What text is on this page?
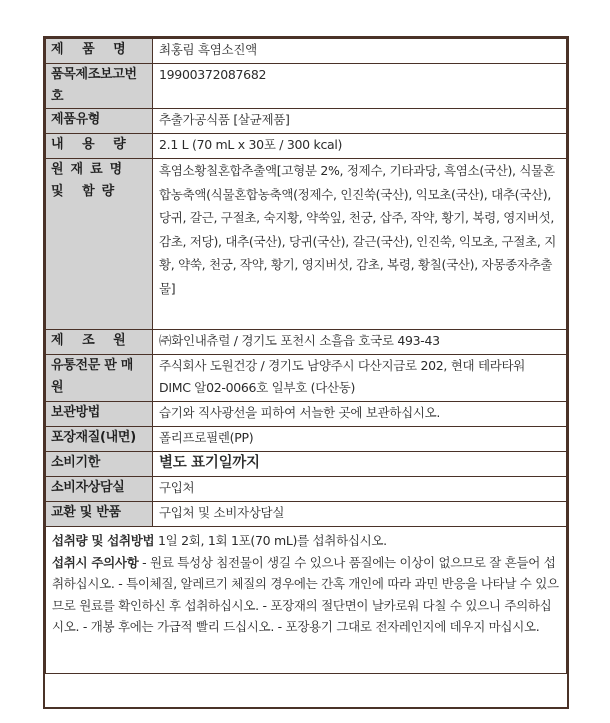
제 품 명	최홍림 흑염소진액
품목제조보고번호	19900372087682
제품유형	추출가공식품 [살균제품]
내 용 량	2.1 L (70 mL x 30포 / 300 kcal)
원재료명 및 함량	흑염소황칠혼합추출액[고형분 2%, 정제수, 기타과당, 흑염소(국산), 식물혼합농축액(식물혼합농축액(정제수, 인진쑥(국산), 익모초(국산), 대추(국산), 당귀, 갈근, 구절초, 숙지황, 약쑥잎, 천궁, 삽주, 작약, 황기, 복령, 영지버섯, 감초, 저당), 대추(국산), 당귀(국산), 갈근(국산), 인진쑥, 익모초, 구절초, 지황, 약쑥, 천궁, 작약, 황기, 영지버섯, 감초, 복령, 황칠(국산), 자몽종자추출물]
제 조 원	㈜화인내츄럴 / 경기도 포천시 소흘읍 호국로 493-43
유통전문 판 매 원	주식회사 도원건강 / 경기도 남양주시 다산지금로 202, 현대 테라타워 DIMC 알02-0066호 일부호 (다산동)
보관방법	습기와 직사광선을 피하여 서늘한 곳에 보관하십시오.
포장재질(내면)	폴리프로필렌(PP)
소비기한	별도 표기일까지
소비자상담실	구입처
교환 및 반품	구입처 및 소비자상담실

섭취량 및 섭취방법 1일 2회, 1회 1포(70 mL)를 섭취하십시오.
섭취시 주의사항 - 원료 특성상 침전물이 생길 수 있으나 품질에는 이상이 없으므로 잘 흔들어 섭취하십시오. - 특이체질, 알레르기 체질의 경우에는 간혹 개인에 따라 과민 반응을 나타날 수 있으므로 원료를 확인하신 후 섭취하십시오. - 포장재의 절단면이 날카로워 다칠 수 있으니 주의하십시오. - 개봉 후에는 가급적 빨리 드십시오. - 포장용기 그대로 전자레인지에 데우지 마십시오.	
